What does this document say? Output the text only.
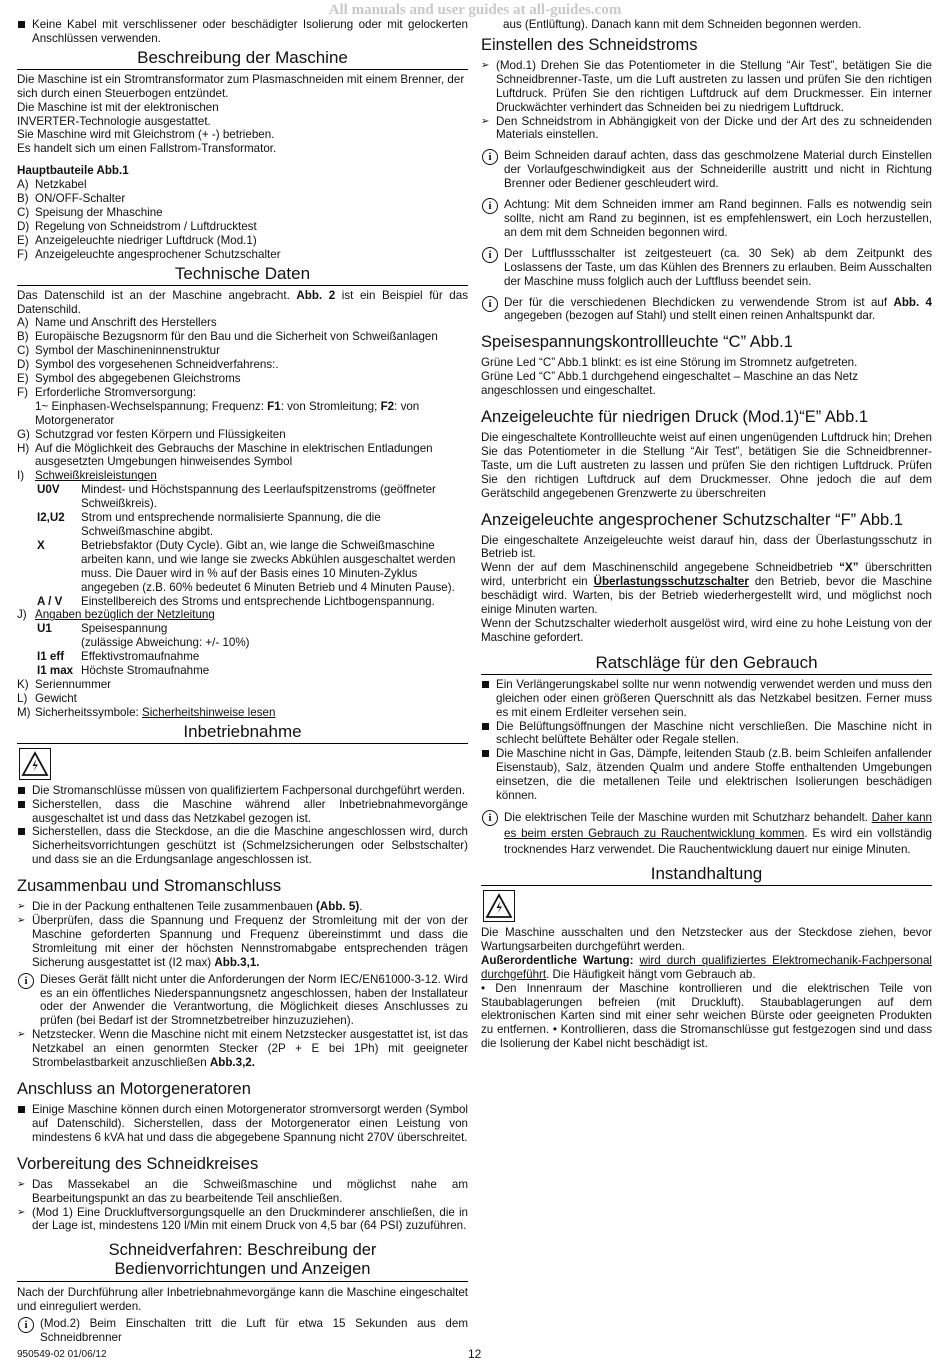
All manuals and user guides at all-guides.com

Keine Kabel mit verschlissener oder beschädigter Isolierung oder mit gelockerten Anschlüssen verwenden.

Beschreibung der Maschine

Die Maschine ist ein Stromtransformator zum Plasmaschneiden mit einem Brenner, der sich durch einen Steuerbogen entzündet.

Die Maschine ist mit der elektronischen

INVERTER-Technologie ausgestattet.

Sie Maschine wird mit Gleichstrom (+ -) betrieben.

Es handelt sich um einen Fallstrom-Transformator.

Hauptbauteile Abb.1

A) Netzkabel

B) ON/OFF-Schalter

C) Speisung der Mhaschine

D) Regelung von Schneidstrom / Luftdrucktest

E) Anzeigeleuchte niedriger Luftdruck (Mod.1)

F) Anzeigeleuchte angesprochener Schutzschalter

Technische Daten

Das Datenschild ist an der Maschine angebracht. Abb. 2 ist ein Beispiel für das Datenschild.

A) Name und Anschrift des Herstellers

B) Europäische Bezugsnorm für den Bau und die Sicherheit von Schweißanlagen

C) Symbol der Maschineninnenstruktur

D) Symbol des vorgesehenen Schneidverfahrens:.

E) Symbol des abgegebenen Gleichstroms

F) Erforderliche Stromversorgung:

1~ Einphasen-Wechselspannung; Frequenz: F1: von Stromleitung; F2: von Motorgenerator

G) Schutzgrad vor festen Körpern und Flüssigkeiten

H) Auf die Möglichkeit des Gebrauchs der Maschine in elektrischen Entladungen ausgesetzten Umgebungen hinweisendes Symbol

I) Schweißkreisleistungen

U0V Mindest- und Höchstspannung des Leerlaufspitzenstroms (geöffneter Schweißkreis).

I2,U2 Strom und entsprechende normalisierte Spannung, die die Schweißmaschine abgibt.

X	Betriebsfaktor (Duty Cycle). Gibt an, wie lange die Schweißmaschine arbeiten kann, und wie lange sie zwecks Abkühlen ausgeschaltet werden muss. Die Dauer wird in % auf der Basis eines 10 Minuten-Zyklus angegeben (z.B. 60% bedeutet 6 Minuten Betrieb und 4 Minuten Pause).

A / V Einstellbereich des Stroms und entsprechende Lichtbogenspannung.

J) Angaben bezüglich der Netzleitung

U1	Speisespannung

(zulässige Abweichung: +/- 10%)

I1 eff Effektivstromaufnahme

I1 max Höchste Stromaufnahme

K) Seriennummer

L) Gewicht

M) Sicherheitssymbole: Sicherheitshinweise lesen

Inbetriebnahme

Die Stromanschlüsse müssen von qualifiziertem Fachpersonal durchgeführt werden.

Sicherstellen, dass die Maschine während aller Inbetriebnahmevorgänge ausgeschaltet ist und dass das Netzkabel gezogen ist.

Sicherstellen, dass die Steckdose, an die die Maschine angeschlossen wird, durch Sicherheitsvorrichtungen geschützt ist (Schmelzsicherungen oder Selbstschalter) und dass sie an die Erdungsanlage angeschlossen ist.

Zusammenbau und Stromanschluss

➢ Die in der Packung enthaltenen Teile zusammenbauen (Abb. 5).

➢ Überprüfen, dass die Spannung und Frequenz der Stromleitung mit der von der Maschine geforderten Spannung und Frequenz übereinstimmt und dass die Stromleitung mit einer der höchsten Nennstromabgabe entsprechenden trägen Sicherung ausgestattet ist (I2 max) Abb.3,1.

i	Dieses Gerät fällt nicht unter die Anforderungen der Norm IEC/EN61000-3-12. Wird es an ein öffentliches Niederspannungsnetz angeschlossen, haben der Installateur oder der Anwender die Verantwortung, die Möglichkeit dieses Anschlusses zu prüfen (bei Bedarf ist der Stromnetzbetreiber hinzuzuziehen).

➢ Netzstecker. Wenn die Maschine nicht mit einem Netzstecker ausgestattet ist, ist das Netzkabel an einen genormten Stecker (2P + E bei 1Ph) mit geeigneter Strombelastbarkeit anzuschließen Abb.3,2.

Anschluss an Motorgeneratoren

Einige Maschine können durch einen Motorgenerator stromversorgt werden (Symbol auf Datenschild). Sicherstellen, dass der Motorgenerator einen Leistung von mindestens 6 kVA hat und dass die abgegebene Spannung nicht 270V überschreitet.

Vorbereitung des Schneidkreises

➢ Das Massekabel an die Schweißmaschine und möglichst nahe am Bearbeitungspunkt an das zu bearbeitende Teil anschließen.

➢ (Mod 1) Eine Druckluftversorgungsquelle an den Druckminderer anschließen, die in der Lage ist, mindestens 120 l/Min mit einem Druck von 4,5 bar (64 PSI) zuzuführen.

Schneidverfahren: Beschreibung der
Bedienvorrichtungen und Anzeigen

Nach der Durchführung aller Inbetriebnahmevorgänge kann die Maschine eingeschaltet und einreguliert werden.

i	(Mod.2) Beim Einschalten tritt die Luft für etwa 15 Sekunden aus dem Schneidbrenner

aus (Entlüftung). Danach kann mit dem Schneiden begonnen werden.

Einstellen des Schneidstroms

➢ (Mod.1) Drehen Sie das Potentiometer in die Stellung “Air Test”, betätigen Sie die Schneidbrenner-Taste, um die Luft austreten zu lassen und prüfen Sie den richtigen Luftdruck. Prüfen Sie den richtigen Luftdruck auf dem Druckmesser. Ein interner Druckwächter verhindert das Schneiden bei zu niedrigem Luftdruck.

➢ Den Schneidstrom in Abhängigkeit von der Dicke und der Art des zu schneidenden Materials einstellen.

i	Beim Schneiden darauf achten, dass das geschmolzene Material durch Einstellen der Vorlaufgeschwindigkeit aus der Schneiderille austritt und nicht in Richtung Brenner oder Bediener geschleudert wird.

i	Achtung: Mit dem Schneiden immer am Rand beginnen. Falls es notwendig sein sollte, nicht am Rand zu beginnen, ist es empfehlenswert, ein Loch herzustellen, an dem mit dem Schneiden begonnen wird.

i	Der Luftflussschalter ist zeitgesteuert (ca. 30 Sek) ab dem Zeitpunkt des Loslassens der Taste, um das Kühlen des Brenners zu erlauben. Beim Ausschalten der Maschine muss folglich auch der Luftfluss beendet sein.

i	Der für die verschiedenen Blechdicken zu verwendende Strom ist auf Abb. 4 angegeben (bezogen auf Stahl) und stellt einen reinen Anhaltspunkt dar.

Speisespannungskontrollleuchte “C” Abb.1

Grüne Led “C” Abb.1 blinkt: es ist eine Störung im Stromnetz aufgetreten.

Grüne Led “C” Abb.1 durchgehend eingeschaltet – Maschine an das Netz angeschlossen und eingeschaltet.

Anzeigeleuchte für niedrigen Druck (Mod.1)“E” Abb.1

Die eingeschaltete Kontrollleuchte weist auf einen ungenügenden Luftdruck hin; Drehen Sie das Potentiometer in die Stellung “Air Test”, betätigen Sie die Schneidbrenner-Taste, um die Luft austreten zu lassen und prüfen Sie den richtigen Luftdruck. Prüfen Sie den richtigen Luftdruck auf dem Druckmesser. Ohne jedoch die auf dem Gerätschild angegebenen Grenzwerte zu überschreiten

Anzeigeleuchte angesprochener Schutzschalter “F” Abb.1

Die eingeschaltete Anzeigeleuchte weist darauf hin, dass der Überlastungsschutz in Betrieb ist.

Wenn der auf dem Maschinenschild angegebene Schneidbetrieb “X” überschritten wird, unterbricht ein Überlastungsschutzschalter den Betrieb, bevor die Maschine beschädigt wird. Warten, bis der Betrieb wiederhergestellt wird, und möglichst noch einige Minuten warten.

Wenn der Schutzschalter wiederholt ausgelöst wird, wird eine zu hohe Leistung von der Maschine gefordert.

Ratschläge für den Gebrauch

Ein Verlängerungskabel sollte nur wenn notwendig verwendet werden und muss den gleichen oder einen größeren Querschnitt als das Netzkabel besitzen. Ferner muss es mit einem Erdleiter versehen sein.

Die Belüftungsöffnungen der Maschine nicht verschließen. Die Maschine nicht in schlecht belüftete Behälter oder Regale stellen.

Die Maschine nicht in Gas, Dämpfe, leitenden Staub (z.B. beim Schleifen anfallender Eisenstaub), Salz, ätzenden Qualm und andere Stoffe enthaltenden Umgebungen einsetzen, die die metallenen Teile und elektrischen Isolierungen beschädigen können.

i	Die elektrischen Teile der Maschine wurden mit Schutzharz behandelt. Daher kann es beim ersten Gebrauch zu Rauchentwicklung kommen. Es wird ein vollständig trocknendes Harz verwendet. Die Rauchentwicklung dauert nur einige Minuten.

Instandhaltung

Die Maschine ausschalten und den Netzstecker aus der Steckdose ziehen, bevor Wartungsarbeiten durchgeführt werden.

Außerordentliche Wartung: wird durch qualifiziertes Elektromechanik-Fachpersonal durchgeführt. Die Häufigkeit hängt vom Gebrauch ab.

• Den Innenraum der Maschine kontrollieren und die elektrischen Teile von Staubablagerungen befreien (mit Druckluft). Staubablagerungen auf dem elektronischen Karten sind mit einer sehr weichen Bürste oder geeigneten Produkten zu entfernen. • Kontrollieren, dass die Stromanschlüsse gut festgezogen sind und dass die Isolierung der Kabel nicht beschädigt ist.

950549-02 01/06/12	12
